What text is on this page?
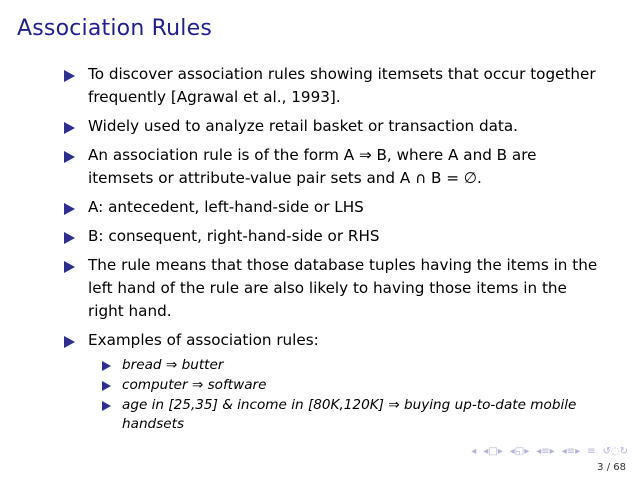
Association Rules
To discover association rules showing itemsets that occur together frequently [Agrawal et al., 1993].
Widely used to analyze retail basket or transaction data.
An association rule is of the form A ⇒ B, where A and B are itemsets or attribute-value pair sets and A ∩ B = ∅.
A: antecedent, left-hand-side or LHS
B: consequent, right-hand-side or RHS
The rule means that those database tuples having the items in the left hand of the rule are also likely to having those items in the right hand.
Examples of association rules:
bread ⇒ butter
computer ⇒ software
age in [25,35] & income in [80K,120K] ⇒ buying up-to-date mobile handsets
◂ ◂□▸ ◂◱▸ ◂≡▸ ◂≡▸ ≡ ↺◌↻
3 / 68
